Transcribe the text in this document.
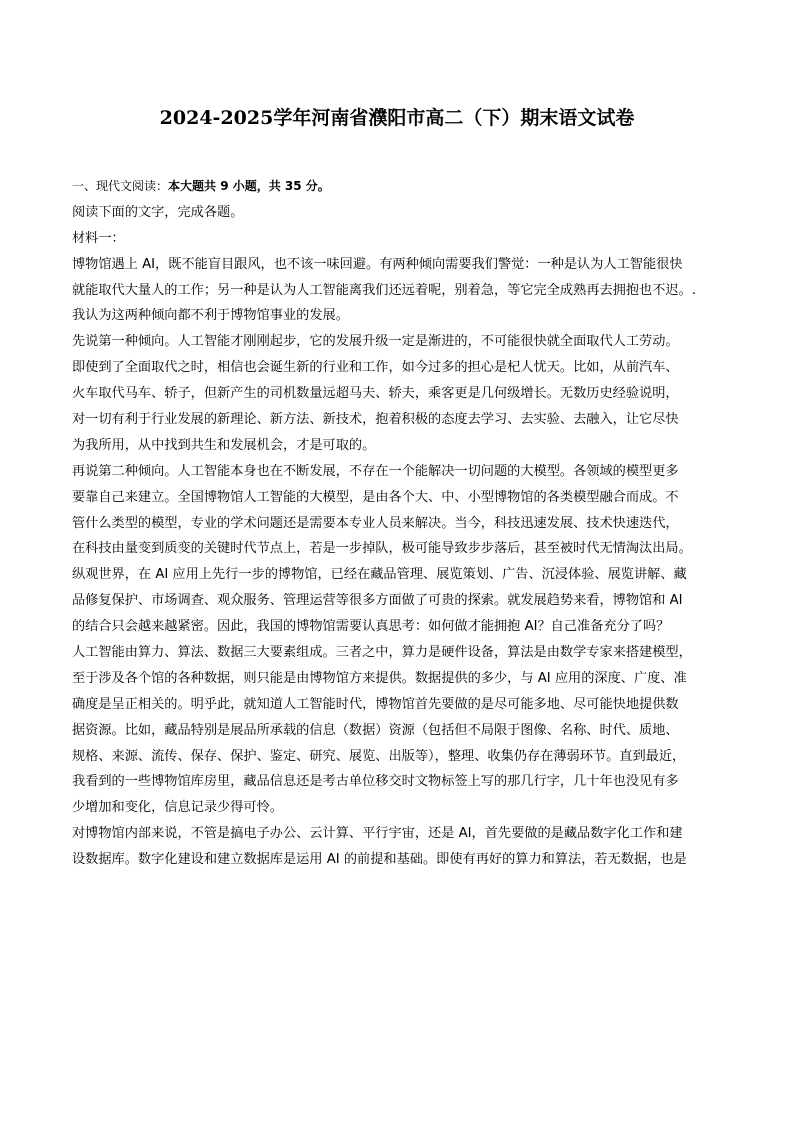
2024-2025学年河南省濮阳市高二（下）期末语文试卷
一、现代文阅读：本大题共 9 小题，共 35 分。
阅读下面的文字，完成各题。
材料一：
博物馆遇上 AI，既不能盲目跟风，也不该一味回避。有两种倾向需要我们警觉：一种是认为人工智能很快
就能取代大量人的工作；另一种是认为人工智能离我们还远着呢，别着急，等它完全成熟再去拥抱也不迟。.
我认为这两种倾向都不利于博物馆事业的发展。
先说第一种倾向。人工智能才刚刚起步，它的发展升级一定是渐进的，不可能很快就全面取代人工劳动。
即使到了全面取代之时，相信也会诞生新的行业和工作，如今过多的担心是杞人忧天。比如，从前汽车、
火车取代马车、轿子，但新产生的司机数量远超马夫、轿夫，乘客更是几何级增长。无数历史经验说明，
对一切有利于行业发展的新理论、新方法、新技术，抱着积极的态度去学习、去实验、去融入，让它尽快
为我所用，从中找到共生和发展机会，才是可取的。
再说第二种倾向。人工智能本身也在不断发展，不存在一个能解决一切问题的大模型。各领域的模型更多
要靠自己来建立。全国博物馆人工智能的大模型，是由各个大、中、小型博物馆的各类模型融合而成。不
管什么类型的模型，专业的学术问题还是需要本专业人员来解决。当今，科技迅速发展、技术快速迭代，
在科技由量变到质变的关键时代节点上，若是一步掉队，极可能导致步步落后，甚至被时代无情淘汰出局。
纵观世界，在 AI 应用上先行一步的博物馆，已经在藏品管理、展览策划、广告、沉浸体验、展览讲解、藏
品修复保护、市场调查、观众服务、管理运营等很多方面做了可贵的探索。就发展趋势来看，博物馆和 AI
的结合只会越来越紧密。因此，我国的博物馆需要认真思考：如何做才能拥抱 AI？自己准备充分了吗？
人工智能由算力、算法、数据三大要素组成。三者之中，算力是硬件设备，算法是由数学专家来搭建模型，
至于涉及各个馆的各种数据，则只能是由博物馆方来提供。数据提供的多少，与 AI 应用的深度、广度、准
确度是呈正相关的。明乎此，就知道人工智能时代，博物馆首先要做的是尽可能多地、尽可能快地提供数
据资源。比如，藏品特别是展品所承载的信息（数据）资源（包括但不局限于图像、名称、时代、质地、
规格、来源、流传、保存、保护、鉴定、研究、展览、出版等），整理、收集仍存在薄弱环节。直到最近，
我看到的一些博物馆库房里，藏品信息还是考古单位移交时文物标签上写的那几行字，几十年也没见有多
少增加和变化，信息记录少得可怜。
对博物馆内部来说，不管是搞电子办公、云计算、平行宇宙，还是 AI，首先要做的是藏品数字化工作和建
设数据库。数字化建设和建立数据库是运用 AI 的前提和基础。即使有再好的算力和算法，若无数据，也是
